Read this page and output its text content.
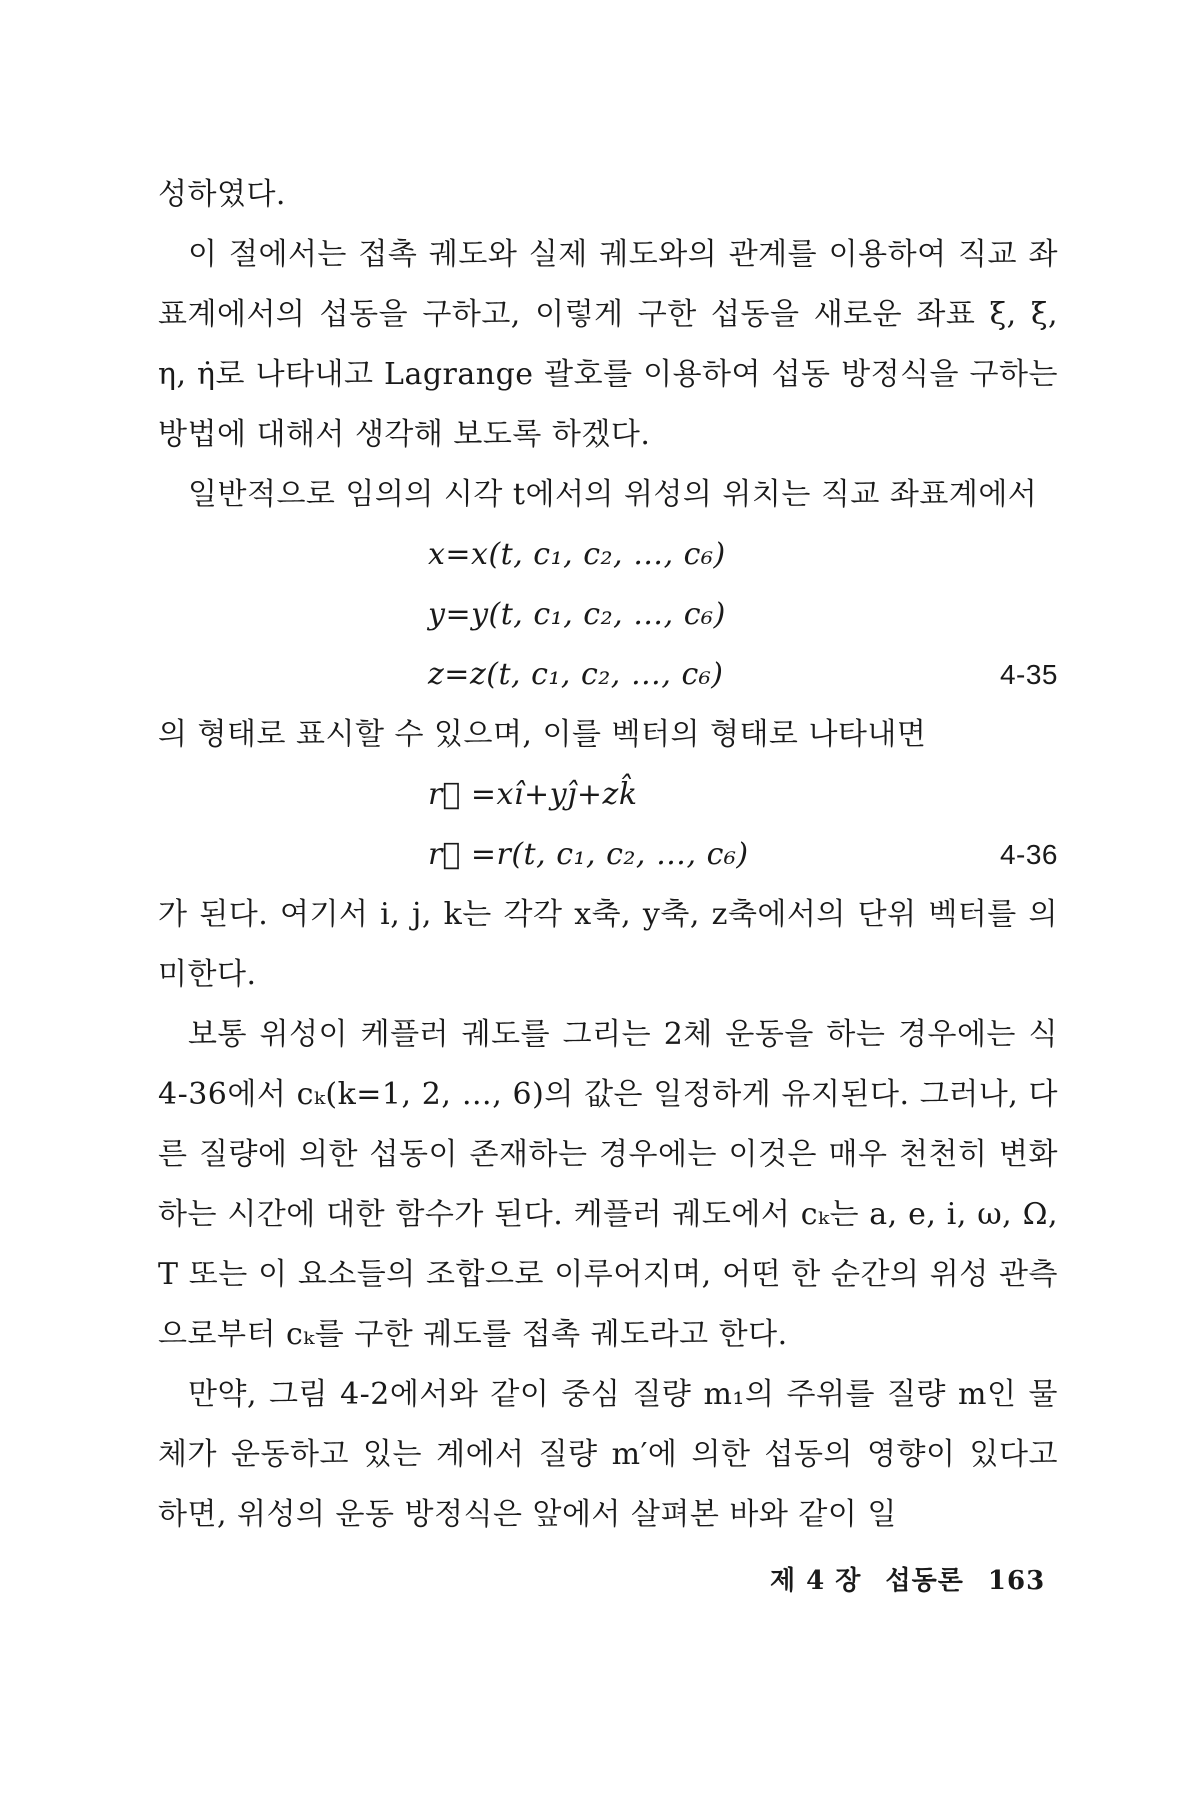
성하였다.

이 절에서는 접촉 궤도와 실제 궤도와의 관계를 이용하여 직교 좌표계에서의 섭동을 구하고, 이렇게 구한 섭동을 새로운 좌표 ξ, ξ̇, η, η̇로 나타내고 Lagrange 괄호를 이용하여 섭동 방정식을 구하는 방법에 대해서 생각해 보도록 하겠다.

일반적으로 임의의 시각 t에서의 위성의 위치는 직교 좌표계에서

x=x(t, c₁, c₂, …, c₆)
y=y(t, c₁, c₂, …, c₆)
z=z(t, c₁, c₂, …, c₆)	4-35

의 형태로 표시할 수 있으며, 이를 벡터의 형태로 나타내면

r⃗ =xî+yĵ+zk̂
r⃗ =r(t, c₁, c₂, …, c₆)	4-36

가 된다. 여기서 i, j, k는 각각 x축, y축, z축에서의 단위 벡터를 의미한다.

보통 위성이 케플러 궤도를 그리는 2체 운동을 하는 경우에는 식 4-36에서 cₖ(k=1, 2, …, 6)의 값은 일정하게 유지된다. 그러나, 다른 질량에 의한 섭동이 존재하는 경우에는 이것은 매우 천천히 변화하는 시간에 대한 함수가 된다. 케플러 궤도에서 cₖ는 a, e, i, ω, Ω, T 또는 이 요소들의 조합으로 이루어지며, 어떤 한 순간의 위성 관측으로부터 cₖ를 구한 궤도를 접촉 궤도라고 한다.

만약, 그림 4-2에서와 같이 중심 질량 m₁의 주위를 질량 m인 물체가 운동하고 있는 계에서 질량 m′에 의한 섭동의 영향이 있다고 하면, 위성의 운동 방정식은 앞에서 살펴본 바와 같이 일

제 4 장 섭동론 163
